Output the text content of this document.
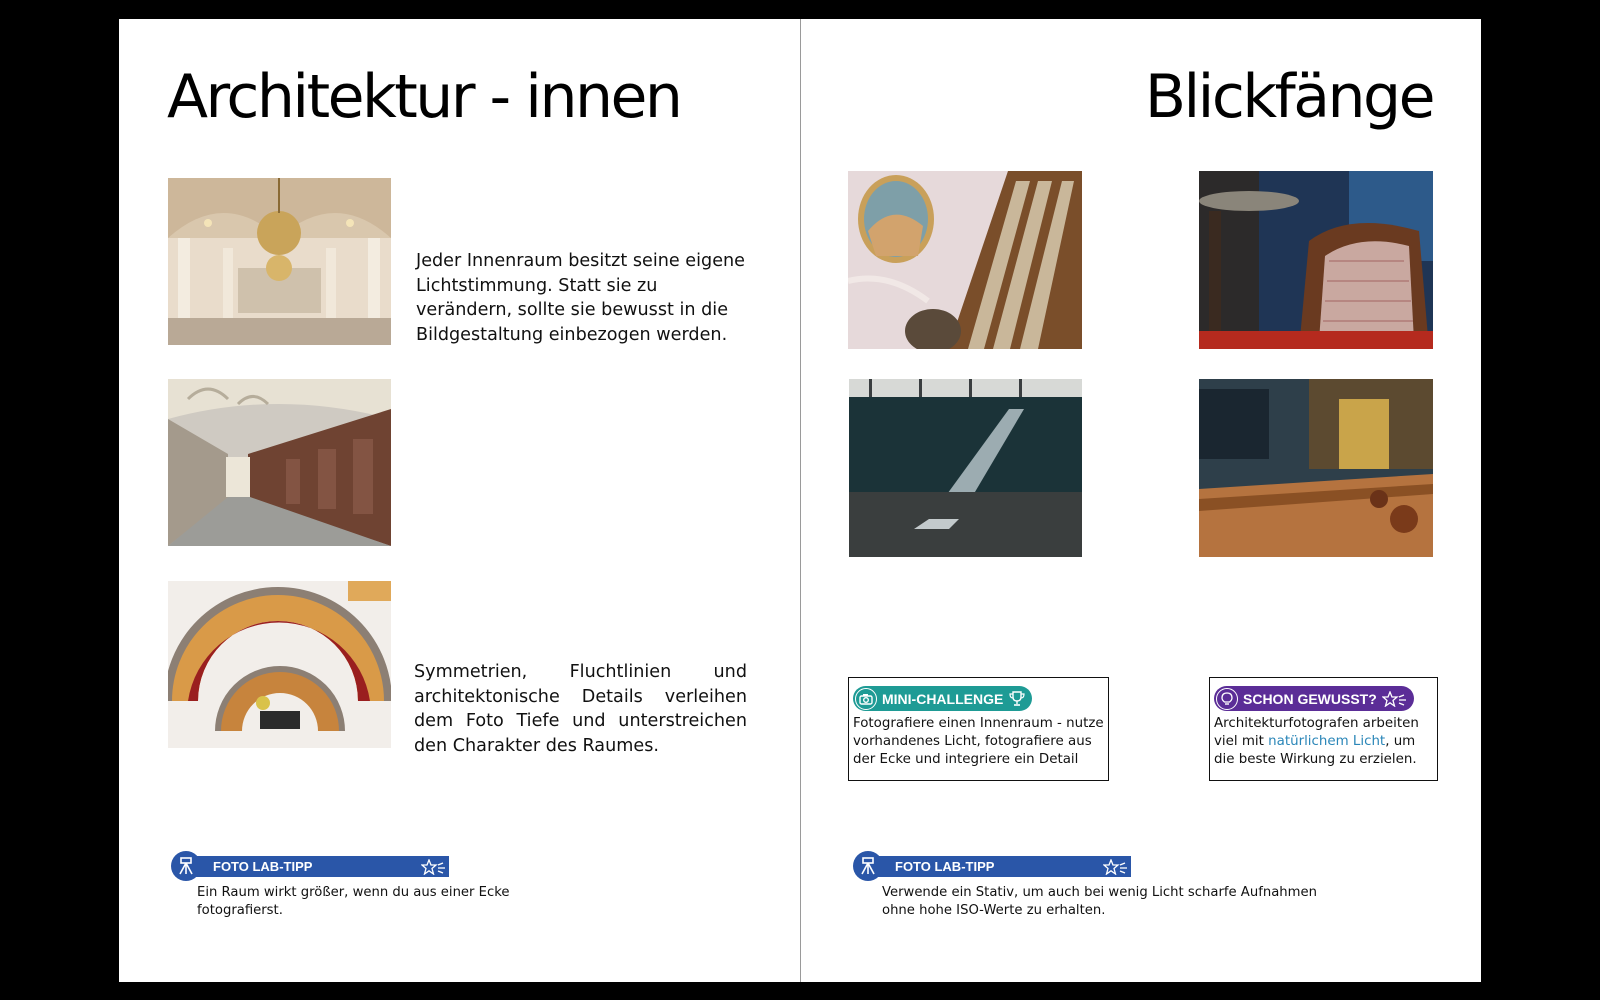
Architektur - innen

Jeder Innenraum besitzt seine eigene Lichtstimmung. Statt sie zu verändern, sollte sie bewusst in die Bildgestaltung einbezogen werden.

Symmetrien, Fluchtlinien und architektonische Details verleihen dem Foto Tiefe und unterstreichen den Charakter des Raumes.

FOTO LAB-TIPP

Ein Raum wirkt größer, wenn du aus einer Ecke fotografierst.

Blickfänge
MINI-CHALLENGE

Fotografiere einen Innenraum - nutze vorhandenes Licht, fotografiere aus der Ecke und integriere ein Detail

SCHON GEWUSST?

Architekturfotografen arbeiten viel mit natürlichem Licht, um die beste Wirkung zu erzielen.

FOTO LAB-TIPP

Verwende ein Stativ, um auch bei wenig Licht scharfe Aufnahmen ohne hohe ISO-Werte zu erhalten.
